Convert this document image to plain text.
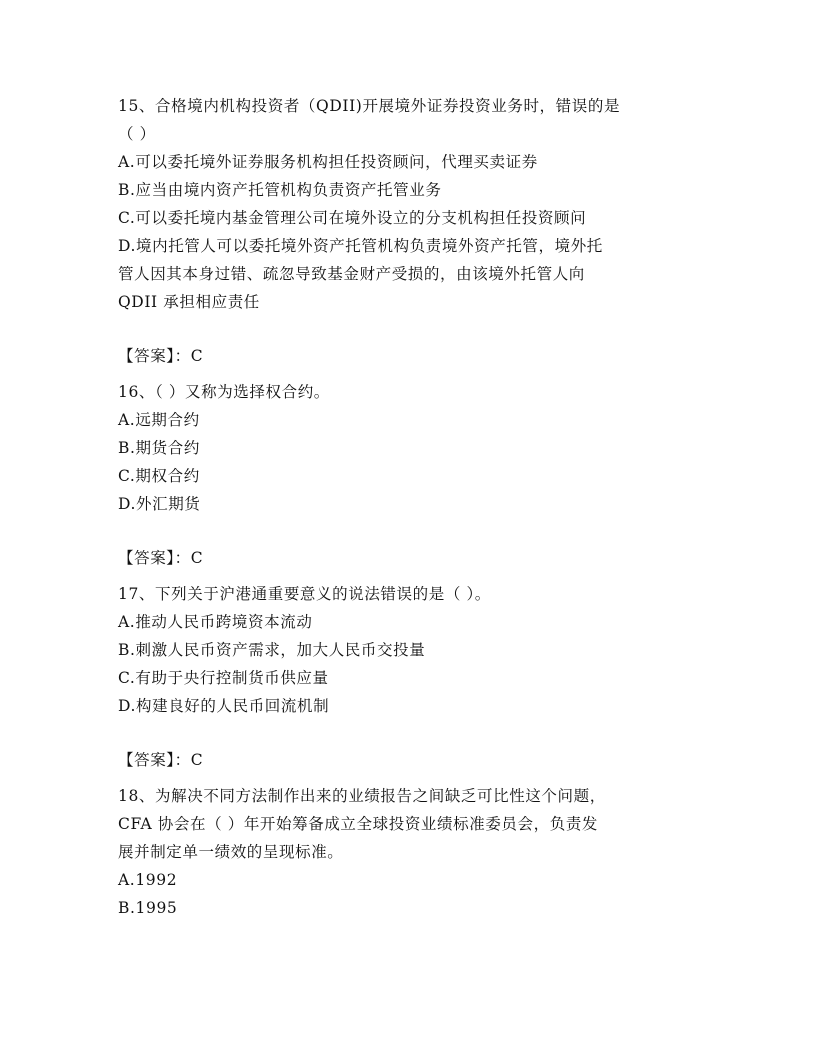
15、合格境内机构投资者（QDII)开展境外证券投资业务时，错误的是
（ ）
A.可以委托境外证券服务机构担任投资顾问，代理买卖证券
B.应当由境内资产托管机构负责资产托管业务
C.可以委托境内基金管理公司在境外设立的分支机构担任投资顾问
D.境内托管人可以委托境外资产托管机构负责境外资产托管，境外托
管人因其本身过错、疏忽导致基金财产受损的，由该境外托管人向
QDII 承担相应责任
【答案】：C
16、（ ）又称为选择权合约。
A.远期合约
B.期货合约
C.期权合约
D.外汇期货
【答案】：C
17、下列关于沪港通重要意义的说法错误的是（ ）。
A.推动人民币跨境资本流动
B.刺激人民币资产需求，加大人民币交投量
C.有助于央行控制货币供应量
D.构建良好的人民币回流机制
【答案】：C
18、为解决不同方法制作出来的业绩报告之间缺乏可比性这个问题，
CFA 协会在（ ）年开始筹备成立全球投资业绩标准委员会，负责发
展并制定单一绩效的呈现标准。
A.1992
B.1995
